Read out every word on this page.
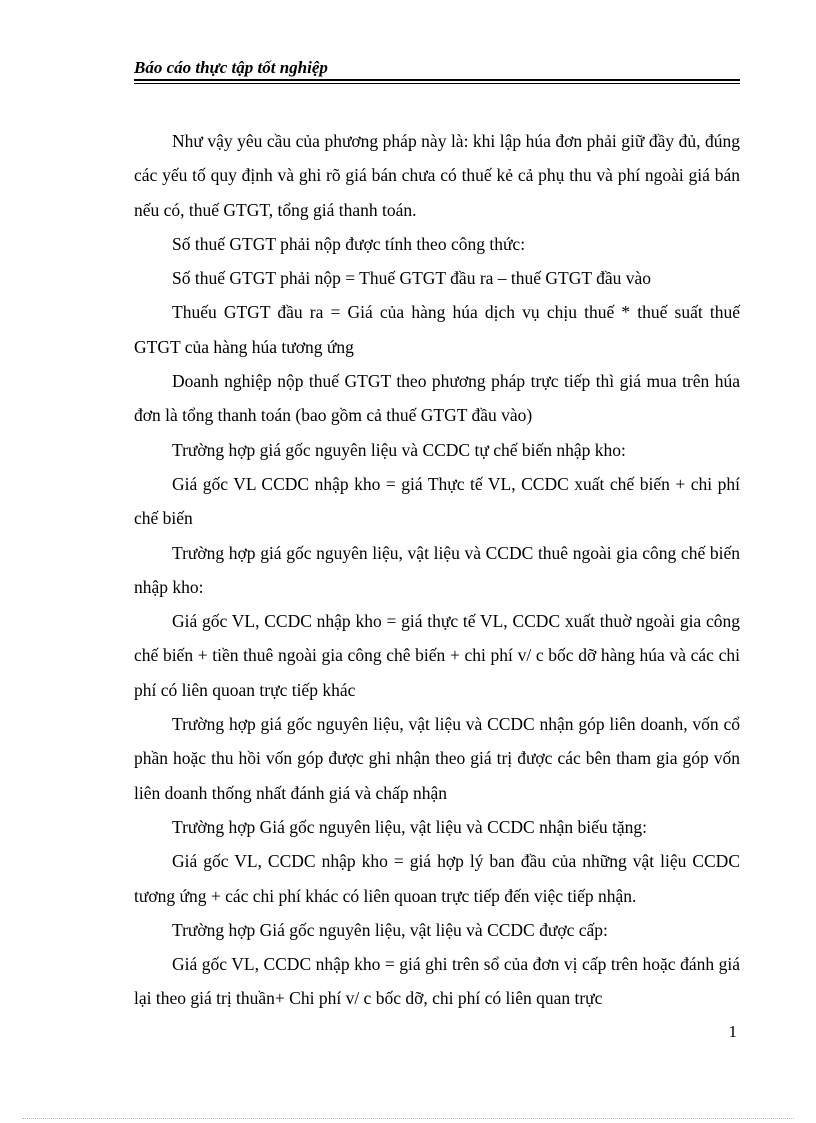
Báo cáo thực tập tốt nghiệp

Như vậy yêu cầu của phương pháp này là: khi lập húa đơn phải giữ đầy đủ, đúng các yếu tố quy định và ghi rõ giá bán chưa có thuế kẻ cả phụ thu và phí ngoài giá bán nếu có, thuế GTGT, tổng giá thanh toán.

Số thuế GTGT phải nộp được tính theo công thức:

Số thuế GTGT phải nộp = Thuế GTGT đầu ra – thuế GTGT đầu vào

Thuếu GTGT đầu ra = Giá của hàng húa dịch vụ chịu thuế * thuế suất thuế GTGT của hàng húa tương ứng

Doanh nghiệp nộp thuế GTGT theo phương pháp trực tiếp thì giá mua trên húa đơn là tổng thanh toán (bao gồm cả thuế GTGT đầu vào)

Trường hợp giá gốc nguyên liệu và CCDC tự chế biến nhập kho:

Giá gốc VL CCDC nhập kho = giá Thực tế VL, CCDC xuất chế biến + chi phí chế biến

Trường hợp giá gốc nguyên liệu, vật liệu và CCDC thuê ngoài gia công chế biến nhập kho:

Giá gốc VL, CCDC nhập kho = giá thực tế VL, CCDC xuất thuờ ngoài gia công chế biến + tiền thuê ngoài gia công chê biến + chi phí v/ c bốc dỡ hàng húa và các chi phí có liên quoan trực tiếp khác

Trường hợp giá gốc nguyên liệu, vật liệu và CCDC nhận góp liên doanh, vốn cổ phần hoặc thu hồi vốn góp được ghi nhận theo giá trị được các bên tham gia góp vốn liên doanh thống nhất đánh giá và chấp nhận

Trường hợp Giá gốc nguyên liệu, vật liệu và CCDC nhận biếu tặng:

Giá gốc VL, CCDC nhập kho = giá hợp lý ban đầu của những vật liệu CCDC tương ứng + các chi phí khác có liên quoan trực tiếp đến việc tiếp nhận.

Trường hợp Giá gốc nguyên liệu, vật liệu và CCDC được cấp:

Giá gốc VL, CCDC nhập kho = giá ghi trên sổ của đơn vị cấp trên hoặc đánh giá lại theo giá trị thuần+ Chi phí v/ c bốc dỡ, chi phí có liên quan trực

1
